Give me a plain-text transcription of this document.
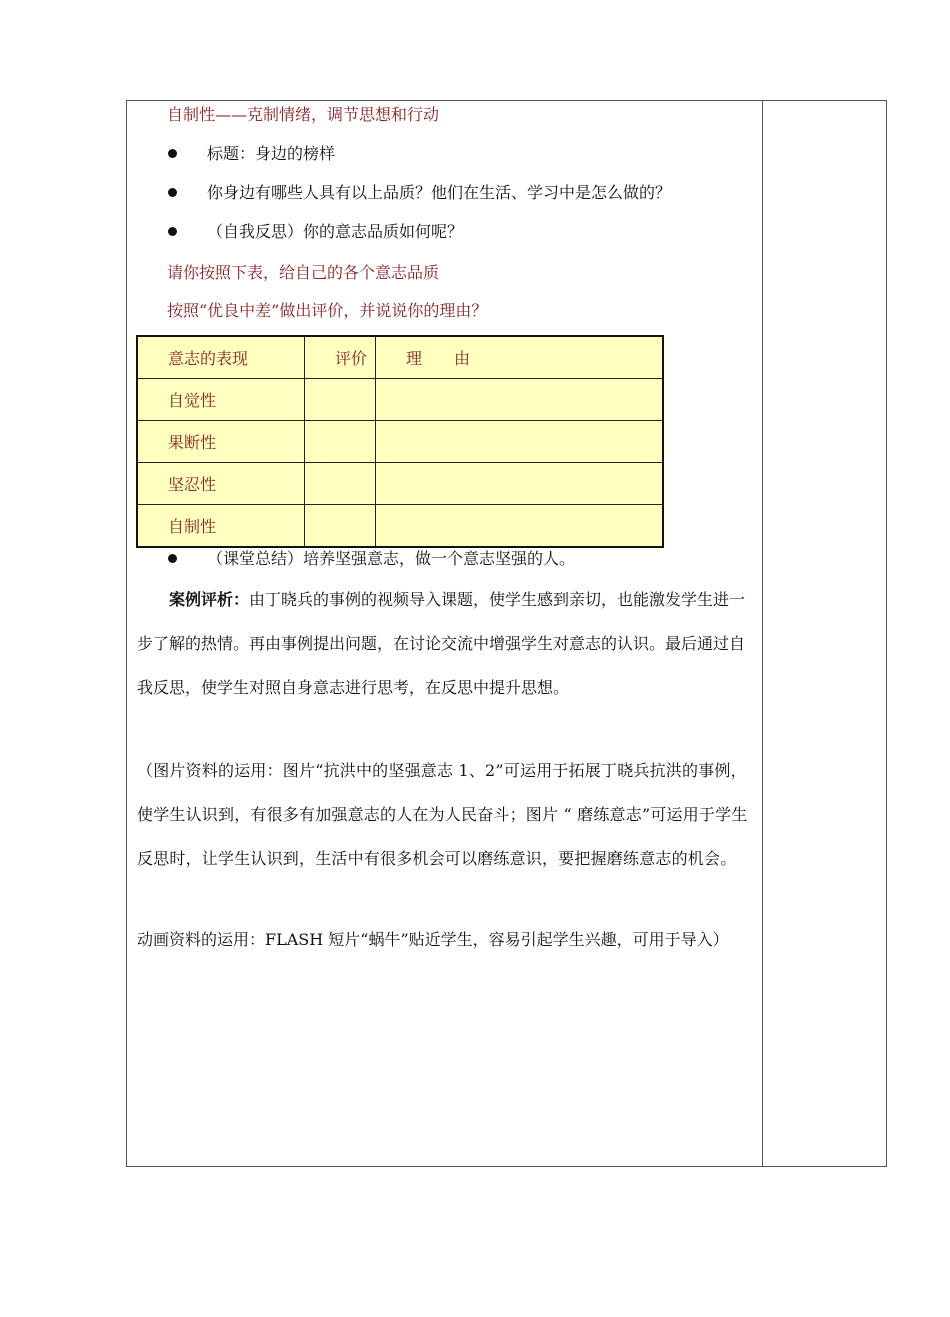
自制性——克制情绪，调节思想和行动
标题：身边的榜样
你身边有哪些人具有以上品质？他们在生活、学习中是怎么做的？
（自我反思）你的意志品质如何呢？
请你按照下表，给自己的各个意志品质
按照“优良中差”做出评价，并说说你的理由？
意志的表现	评价	理　　由
自觉性		
果断性		
坚忍性		
自制性		
（课堂总结）培养坚强意志，做一个意志坚强的人。
案例评析：由丁晓兵的事例的视频导入课题，使学生感到亲切，也能激发学生进一步了解的热情。再由事例提出问题，在讨论交流中增强学生对意志的认识。最后通过自我反思，使学生对照自身意志进行思考，在反思中提升思想。
（图片资料的运用：图片“抗洪中的坚强意志 1、2”可运用于拓展丁晓兵抗洪的事例，使学生认识到，有很多有加强意志的人在为人民奋斗；图片 “ 磨练意志”可运用于学生反思时，让学生认识到，生活中有很多机会可以磨练意识，要把握磨练意志的机会。
动画资料的运用：FLASH 短片“蜗牛”贴近学生，容易引起学生兴趣，可用于导入）
